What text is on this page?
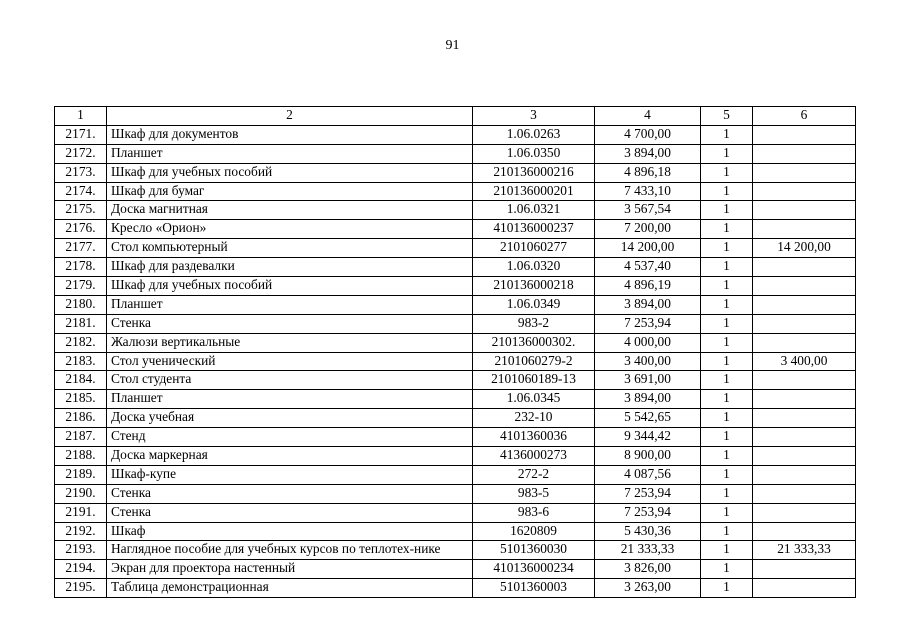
91
1	2	3	4	5	6
2171.	Шкаф для документов	1.06.0263	4 700,00	1	
2172.	Планшет	1.06.0350	3 894,00	1	
2173.	Шкаф для учебных пособий	210136000216	4 896,18	1	
2174.	Шкаф для бумаг	210136000201	7 433,10	1	
2175.	Доска магнитная	1.06.0321	3 567,54	1	
2176.	Кресло «Орион»	410136000237	7 200,00	1	
2177.	Стол компьютерный	2101060277	14 200,00	1	14 200,00
2178.	Шкаф для раздевалки	1.06.0320	4 537,40	1	
2179.	Шкаф для учебных пособий	210136000218	4 896,19	1	
2180.	Планшет	1.06.0349	3 894,00	1	
2181.	Стенка	983-2	7 253,94	1	
2182.	Жалюзи вертикальные	210136000302.	4 000,00	1	
2183.	Стол ученический	2101060279-2	3 400,00	1	3 400,00
2184.	Стол студента	2101060189-13	3 691,00	1	
2185.	Планшет	1.06.0345	3 894,00	1	
2186.	Доска учебная	232-10	5 542,65	1	
2187.	Стенд	4101360036	9 344,42	1	
2188.	Доска маркерная	4136000273	8 900,00	1	
2189.	Шкаф-купе	272-2	4 087,56	1	
2190.	Стенка	983-5	7 253,94	1	
2191.	Стенка	983-6	7 253,94	1	
2192.	Шкаф	1620809	5 430,36	1	
2193.	Наглядное пособие для учебных курсов по теплотех-нике	5101360030	21 333,33	1	21 333,33
2194.	Экран для проектора настенный	410136000234	3 826,00	1	
2195.	Таблица демонстрационная	5101360003	3 263,00	1	
